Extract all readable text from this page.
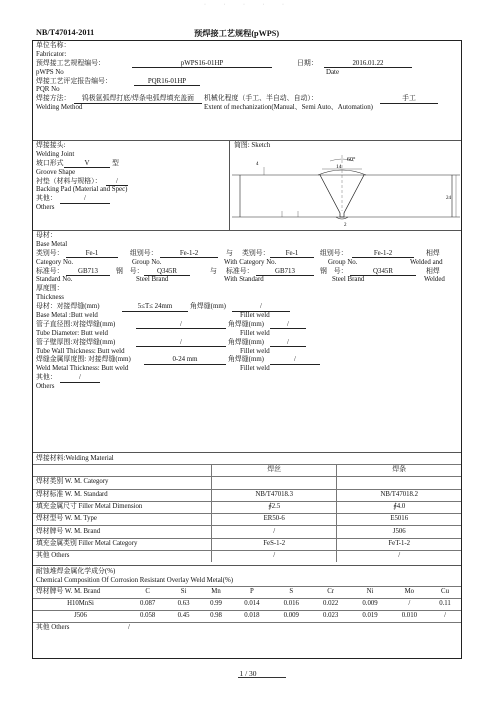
· · · · ·
NB/T47014-2011	预焊接工艺规程(pWPS)
单位名称：
Fabricator:
预焊接工艺规程编号：	pWPS16-01HP	日期：	2016.01.22
pWPS No	Date
焊接工艺评定报告编号：	PQR16-01HP
PQR No
焊接方法：	钨极氩弧焊打底/焊条电弧焊填充盖面	机械化程度（手工、半自动、自动）：	手工
Welding Method	Extent of mechanization(Manual、Semi Auto、Automation)
焊接接头:
Welding Joint
坡口形式	V	型
Groove Shape
衬垫（材料与规格）：	/
Backing Pad (Material and Spec)
其他：	/
Others
简图: Sketch
60°
14
4
2
24
母材：
Base Metal
类别号：	Fe-1	组别号：	Fe-1-2	与 类别号：	Fe-1	组别号：	Fe-1-2	相焊
Category No.	Group No.	With Category No.	Group No.	Welded and
标准号：	GB713	钢　号：	Q345R	与 标准号：	GB713	钢　号：	Q345R	相焊
Standard No.	Steel Brand	With Standard	Steel Brand	Welded
厚度围：
Thickness
母材：对接焊缝(mm)	5≤T≤ 24mm	角焊缝(mm)	/
Base Metal :Butt weld	Fillet weld
管子直径围:对接焊缝(mm)	/	角焊缝(mm)	/
Tube Diameter: Butt weld	Fillet weld
管子壁厚围:对接焊缝(mm)	/	角焊缝(mm)	/
Tube Wall Thickness: Butt weld	Fillet weld
焊缝金属厚度围: 对接焊缝(mm)	0-24 mm	角焊缝(mm)	/
Weld Metal Thickness: Butt weld	Fillet weld
其他：	/
Others
焊接材料:Welding Material
	焊丝	焊条
焊材类别 W. M. Category		
焊材标准 W. M. Standard	NB/T47018.3	NB/T47018.2
填充金属尺寸 Filler Metal Dimension	∮2.5	∮4.0
焊材型号 W. M. Type	ER50-6	E5016
焊材牌号 W. M. Brand	/	J506
填充金属类别 Filler Metal Category	FeS-1-2	FeT-1-2
其他 Others	/	/
耐蚀堆焊金属化学成分(%)
Chemical Composition Of Corrosion Resistant Overlay Weld Metal(%)
焊材牌号 W. M. Brand	C	Si	Mn	P	S	Cr	Ni	Mo	Cu
H10MnSi	0.087	0.63	0.99	0.014	0.016	0.022	0.009	/	0.11
J506	0.058	0.45	0.98	0.018	0.009	0.023	0.019	0.010	/
其他 Others	/								
1 / 30
